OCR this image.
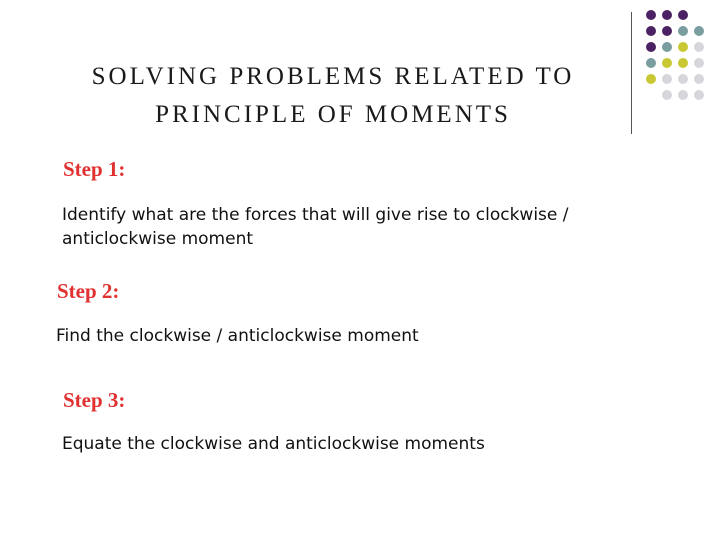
SOLVING PROBLEMS RELATED TO
PRINCIPLE OF MOMENTS
Step 1:
Identify what are the forces that will give rise to clockwise / anticlockwise moment
Step 2:
Find the clockwise / anticlockwise moment
Step 3:
Equate the clockwise and anticlockwise moments
